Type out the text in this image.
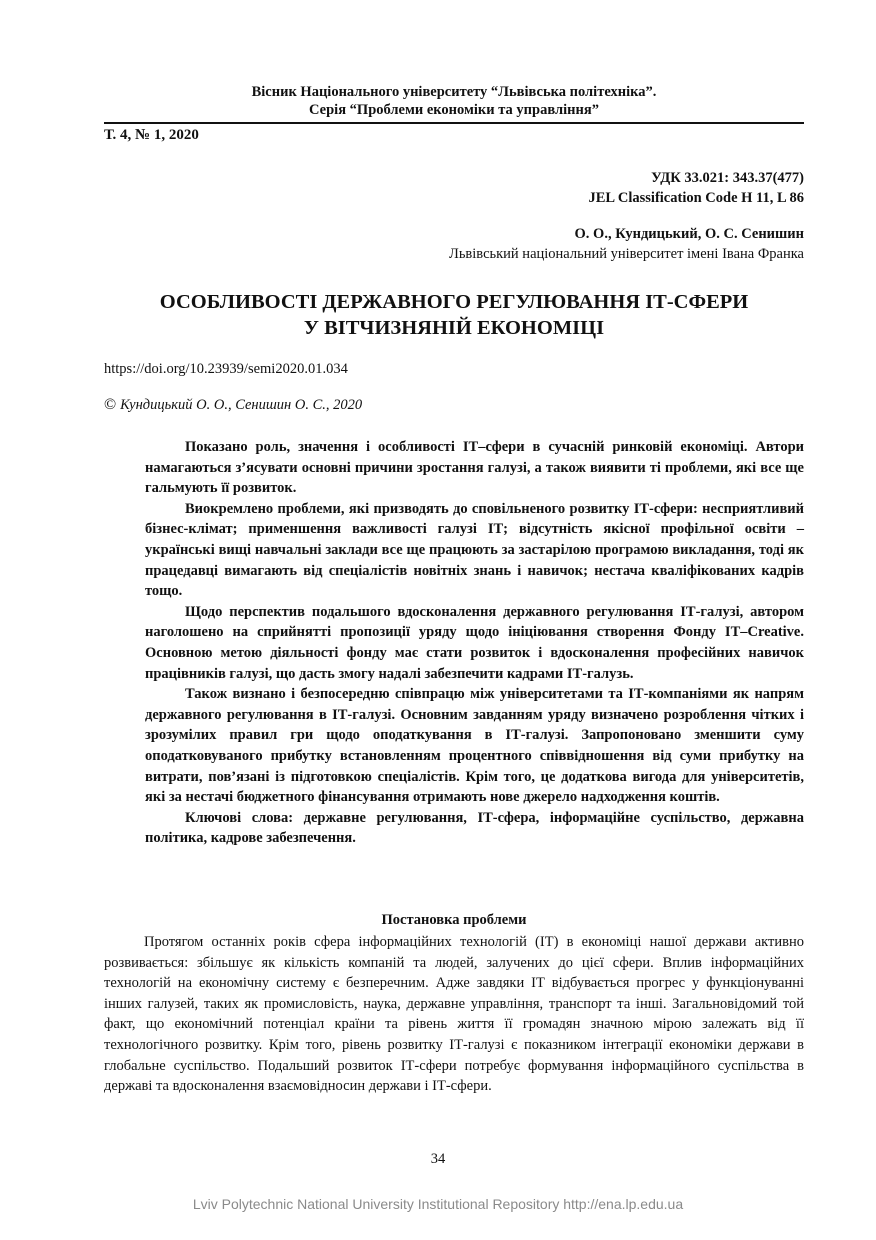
Вісник Національного університету “Львівська політехніка”.
Серія “Проблеми економіки та управління”
Т. 4, № 1, 2020
УДК 33.021: 343.37(477)
JEL Classification Code H 11, L 86
О. О., Кундицький, О. С. Сенишин
Львівський національний університет імені Івана Франка
ОСОБЛИВОСТІ ДЕРЖАВНОГО РЕГУЛЮВАННЯ ІТ-СФЕРИ
У ВІТЧИЗНЯНІЙ ЕКОНОМІЦІ
https://doi.org/10.23939/semi2020.01.034
© Кундицький О. О., Сенишин О. С., 2020

Показано роль, значення і особливості ІТ–сфери в сучасній ринковій економіці. Автори намагаються з’ясувати основні причини зростання галузі, а також виявити ті проблеми, які все ще гальмують її розвиток.

Виокремлено проблеми, які призводять до сповільненого розвитку ІТ-сфери: несприятливий бізнес-клімат; применшення важливості галузі ІТ; відсутність якісної профільної освіти – українські вищі навчальні заклади все ще працюють за застарілою програмою викладання, тоді як працедавці вимагають від спеціалістів новітніх знань і навичок; нестача кваліфікованих кадрів тощо.

Щодо перспектив подальшого вдосконалення державного регулювання ІТ-галузі, автором наголошено на сприйнятті пропозиції уряду щодо ініціювання створення Фонду ІТ–Creative. Основною метою діяльності фонду має стати розвиток і вдосконалення професійних навичок працівників галузі, що дасть змогу надалі забезпечити кадрами ІТ-галузь.

Також визнано і безпосередню співпрацю між університетами та ІТ-компаніями як напрям державного регулювання в ІТ-галузі. Основним завданням уряду визначено розроблення чітких і зрозумілих правил гри щодо оподаткування в ІТ-галузі. Запропоновано зменшити суму оподатковуваного прибутку встановленням процентного співвідношення від суми прибутку на витрати, пов’язані із підготовкою спеціалістів. Крім того, це додаткова вигода для університетів, які за нестачі бюджетного фінансування отримають нове джерело надходження коштів.

Ключові слова: державне регулювання, ІТ-сфера, інформаційне суспільство, державна політика, кадрове забезпечення.

Постановка проблеми

Протягом останніх років сфера інформаційних технологій (ІТ) в економіці нашої держави активно розвивається: збільшує як кількість компаній та людей, залучених до цієї сфери. Вплив інформаційних технологій на економічну систему є безперечним. Адже завдяки ІТ відбувається прогрес у функціонуванні інших галузей, таких як промисловість, наука, державне управління, транспорт та інші. Загальновідомий той факт, що економічний потенціал країни та рівень життя її громадян значною мірою залежать від її технологічного розвитку. Крім того, рівень розвитку ІТ-галузі є показником інтеграції економіки держави в глобальне суспільство. Подальший розвиток ІТ-сфери потребує формування інформаційного суспільства в державі та вдосконалення взаємовідносин держави і ІТ-сфери.

34
Lviv Polytechnic National University Institutional Repository http://ena.lp.edu.ua
